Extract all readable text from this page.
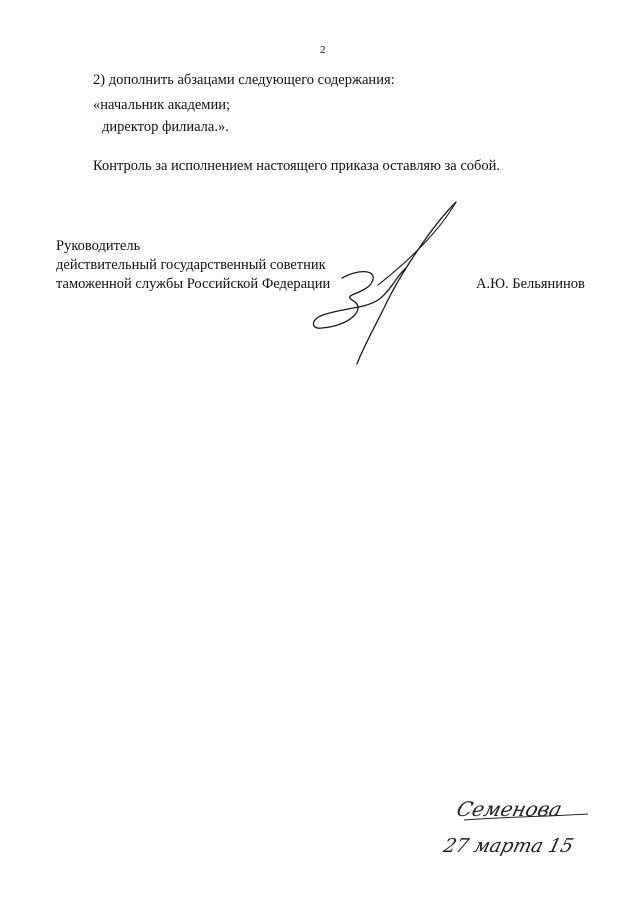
2
2) дополнить абзацами следующего содержания:
«начальник академии;
директор филиала.».
Контроль за исполнением настоящего приказа оставляю за собой.
Руководитель
действительный государственный советник
таможенной службы Российской Федерации	А.Ю. Бельянинов
Семенова
27 марта 15
